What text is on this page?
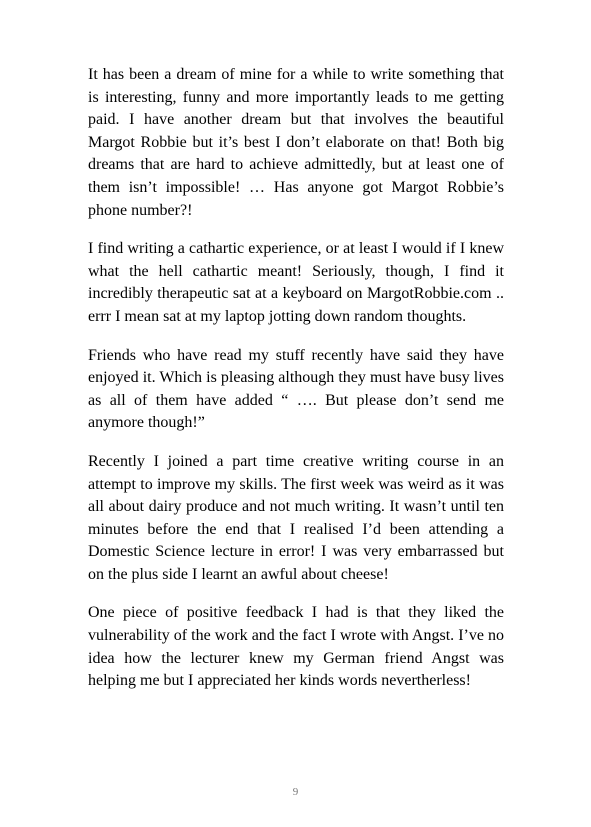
It has been a dream of mine for a while to write something that is interesting, funny and more importantly leads to me getting paid. I have another dream but that involves the beautiful Margot Robbie but it’s best I don’t elaborate on that! Both big dreams that are hard to achieve admittedly, but at least one of them isn’t impossible! … Has anyone got Margot Robbie’s phone number?!

I find writing a cathartic experience, or at least I would if I knew what the hell cathartic meant! Seriously, though, I find it incredibly therapeutic sat at a keyboard on MargotRobbie.com .. errr I mean sat at my laptop jotting down random thoughts.

Friends who have read my stuff recently have said they have enjoyed it. Which is pleasing although they must have busy lives as all of them have added “ …. But please don’t send me anymore though!”

Recently I joined a part time creative writing course in an attempt to improve my skills. The first week was weird as it was all about dairy produce and not much writing. It wasn’t until ten minutes before the end that I realised I’d been attending a Domestic Science lecture in error! I was very embarrassed but on the plus side I learnt an awful about cheese!

One piece of positive feedback I had is that they liked the vulnerability of the work and the fact I wrote with Angst. I’ve no idea how the lecturer knew my German friend Angst was helping me but I appreciated her kinds words nevertherless!

9
